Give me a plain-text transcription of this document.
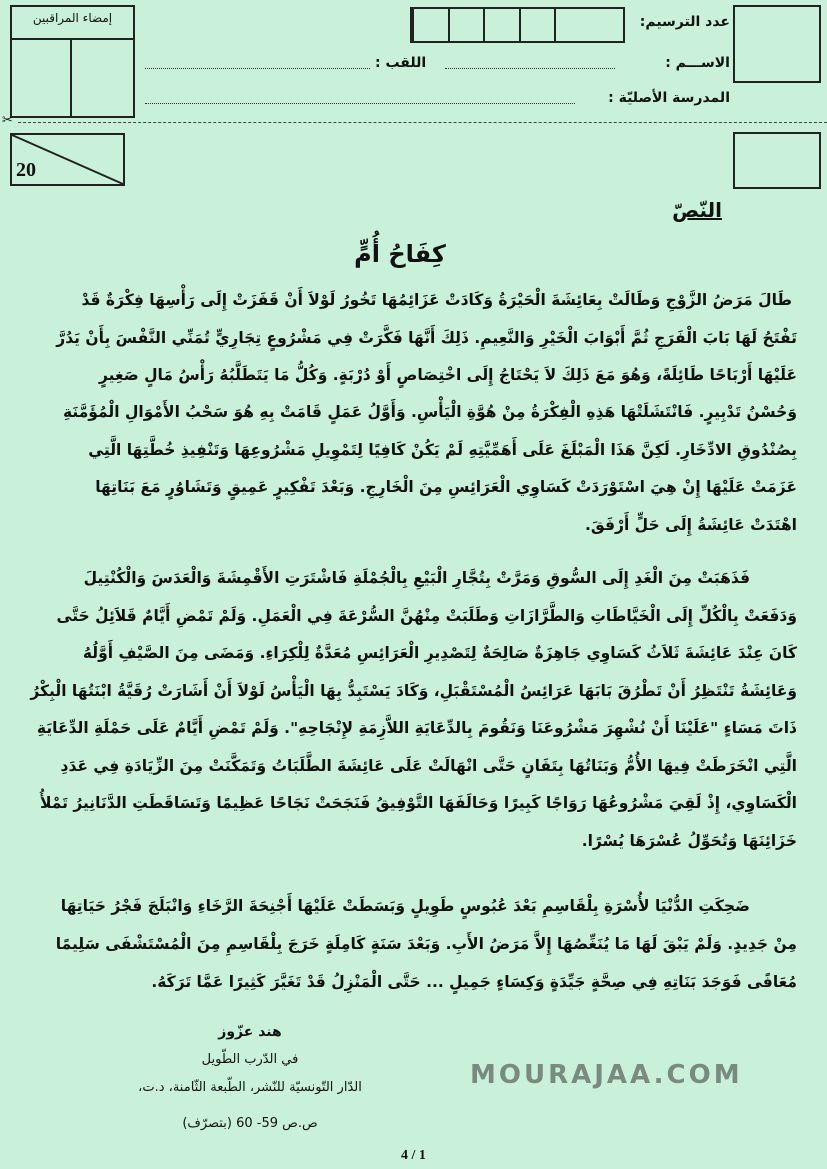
إمضاء المراقبين	عدد الترسيم:
الاســـم :
اللقب :
المدرسة الأصليّة :
✂
20
النّصّ
كِفَاحُ أُمٍّ
MOURAJAA.COM
طَالَ مَرَضُ الزَّوْجِ وَطَالَتْ بِعَائِشَةَ الْحَيْرَةُ وَكَادَتْ عَزَائِمُهَا تَخُورُ لَوْلاَ أَنْ قَفَزَتْ إِلَى رَأْسِهَا فِكْرَةٌ قَدْ
تَفْتَحُ لَهَا بَابَ الْفَرَجِ ثُمَّ أَبْوَابَ الْخَيْرِ وَالنَّعِيمِ. ذَلِكَ أَنَّهَا فَكَّرَتْ فِي مَشْرُوعٍ تِجَارِيٍّ تُمَنِّي النَّفْسَ بِأَنْ يَدُرَّ
عَلَيْهَا أَرْبَاحًا طَائِلَةً، وَهُوَ مَعَ ذَلِكَ لاَ يَحْتَاجُ إِلَى اخْتِصَاصٍ أَوْ دُرْبَةٍ. وَكُلُّ مَا يَتَطَلَّبُهُ رَأْسُ مَالٍ صَغِيرٍ
وَحُسْنُ تَدْبِيرٍ. فَانْتَشَلَتْهَا هَذِهِ الْفِكْرَةُ مِنْ هُوَّةِ الْيَأْسِ. وَأَوَّلُ عَمَلٍ قَامَتْ بِهِ هُوَ سَحْبُ الأَمْوَالِ الْمُؤَمَّنَةِ
بِصُنْدُوقِ الادِّخَارِ. لَكِنَّ هَذَا الْمَبْلَغَ عَلَى أَهَمِّيَّتِهِ لَمْ يَكُنْ كَافِيًا لِتَمْوِيلِ مَشْرُوعِهَا وَتَنْفِيذِ خُطَّتِهَا الَّتِي
عَزَمَتْ عَلَيْهَا إِنْ هِيَ اسْتَوْرَدَتْ كَسَاوِي الْعَرَائِسِ مِنَ الْخَارِجِ. وَبَعْدَ تَفْكِيرٍ عَمِيقٍ وَتَشَاوُرٍ مَعَ بَنَاتِهَا
اهْتَدَتْ عَائِشَةُ إِلَى حَلٍّ أَرْفَقَ.
فَذَهَبَتْ مِنَ الْغَدِ إِلَى السُّوقِ وَمَرَّتْ بِتُجَّارِ الْبَيْعِ بِالْجُمْلَةِ فَاشْتَرَتِ الأَقْمِشَةَ وَالْعَدَسَ وَالْكُنْتِيلَ
وَدَفَعَتْ بِالْكُلِّ إِلَى الْخَيَّاطَاتِ وَالطَّرَّازَاتِ وَطَلَبَتْ مِنْهُنَّ السُّرْعَةَ فِي الْعَمَلِ. وَلَمْ تَمْضِ أَيَّامٌ قَلاَئِلُ حَتَّى
كَانَ عِنْدَ عَائِشَةَ ثَلاَثُ كَسَاوِي جَاهِزَةٌ صَالِحَةٌ لِتَصْدِيرِ الْعَرَائِسِ مُعَدَّةٌ لِلْكِرَاءِ. وَمَضَى مِنَ الصَّيْفِ أَوَّلُهُ
وَعَائِشَةُ تَنْتَظِرُ أَنْ تَطْرُقَ بَابَهَا عَرَائِسُ الْمُسْتَقْبَلِ، وَكَادَ يَسْتَبِدُّ بِهَا الْيَأْسُ لَوْلاَ أَنْ أَشَارَتْ رُقَيَّةُ ابْنَتُهَا الْبِكْرُ
ذَاتَ مَسَاءٍ "عَلَيْنَا أَنْ نُشْهِرَ مَشْرُوعَنَا وَنَقُومَ بِالدِّعَايَةِ اللاَّزِمَةِ لإِنْجَاحِهِ". وَلَمْ تَمْضِ أَيَّامٌ عَلَى حَمْلَةِ الدِّعَايَةِ
الَّتِي انْخَرَطَتْ فِيهَا الأُمُّ وَبَنَاتُهَا بِتَفَانٍ حَتَّى انْهَالَتْ عَلَى عَائِشَةَ الطَّلَبَاتُ وَتَمَكَّنَتْ مِنَ الزِّيَادَةِ فِي عَدَدِ
الْكَسَاوِي، إِذْ لَقِيَ مَشْرُوعُهَا رَوَاجًا كَبِيرًا وَحَالَفَهَا التَّوْفِيقُ فَنَجَحَتْ نَجَاحًا عَظِيمًا وَتَسَاقَطَتِ الدَّنَانِيرُ تَمْلأُ
خَزَائِنَهَا وَتُحَوِّلُ عُسْرَهَا يُسْرًا.
ضَحِكَتِ الدُّنْيَا لأُسْرَةِ بِلْقَاسِمِ بَعْدَ عُبُوسٍ طَوِيلٍ وَبَسَطَتْ عَلَيْهَا أَجْنِحَةَ الرَّخَاءِ وَانْبَلَجَ فَجْرُ حَيَاتِهَا
مِنْ جَدِيدٍ. وَلَمْ يَبْقَ لَهَا مَا يُنَغِّصُهَا إِلاَّ مَرَضُ الأَبِ. وَبَعْدَ سَنَةٍ كَامِلَةٍ خَرَجَ بِلْقَاسِمِ مِنَ الْمُسْتَشْفَى سَلِيمًا
مُعَافًى فَوَجَدَ بَنَاتِهِ فِي صِحَّةٍ جَيِّدَةٍ وَكِسَاءٍ جَمِيلٍ ... حَتَّى الْمَنْزِلُ قَدْ تَغَيَّرَ كَثِيرًا عَمَّا تَرَكَهُ.
هند عزّوز
في الدّرب الطّويل
الدّار التّونسيّة للنّشر، الطّبعة الثّامنة، د.ت،
ص.ص 59- 60 (بتصرّف)
4 / 1
